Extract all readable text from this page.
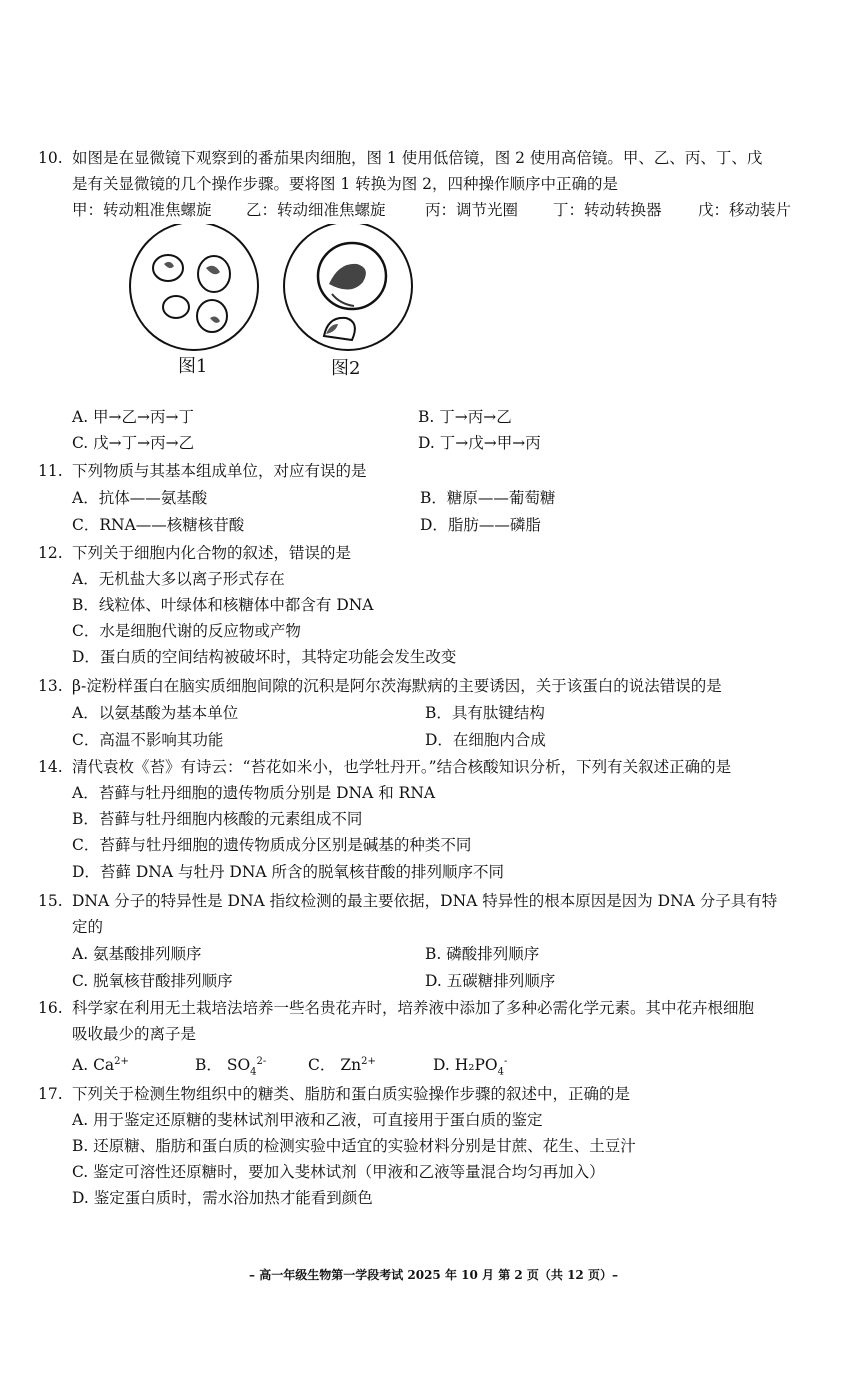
10. 如图是在显微镜下观察到的番茄果肉细胞，图 1 使用低倍镜，图 2 使用高倍镜。甲、乙、丙、丁、戊
是有关显微镜的几个操作步骤。要将图 1 转换为图 2，四种操作顺序中正确的是
甲：转动粗准焦螺旋 乙：转动细准焦螺旋	丙：调节光圈 丁：转动转换器 戊：移动装片
图1	图2
A. 甲→乙→丙→丁	B. 丁→丙→乙
C. 戊→丁→丙→乙	D. 丁→戊→甲→丙
11. 下列物质与其基本组成单位，对应有误的是
A．抗体——氨基酸	B．糖原——葡萄糖
C．RNA——核糖核苷酸	D．脂肪——磷脂
12. 下列关于细胞内化合物的叙述，错误的是
A．无机盐大多以离子形式存在
B．线粒体、叶绿体和核糖体中都含有 DNA
C．水是细胞代谢的反应物或产物
D．蛋白质的空间结构被破坏时，其特定功能会发生改变
13. β-淀粉样蛋白在脑实质细胞间隙的沉积是阿尔茨海默病的主要诱因，关于该蛋白的说法错误的是
A．以氨基酸为基本单位	B．具有肽键结构
C．高温不影响其功能	D．在细胞内合成
14. 清代袁枚《苔》有诗云：“苔花如米小，也学牡丹开。”结合核酸知识分析，下列有关叙述正确的是
A．苔藓与牡丹细胞的遗传物质分别是 DNA 和 RNA
B．苔藓与牡丹细胞内核酸的元素组成不同
C．苔藓与牡丹细胞的遗传物质成分区别是碱基的种类不同
D．苔藓 DNA 与牡丹 DNA 所含的脱氧核苷酸的排列顺序不同
15. DNA 分子的特异性是 DNA 指纹检测的最主要依据，DNA 特异性的根本原因是因为 DNA 分子具有特
定的
A. 氨基酸排列顺序	B. 磷酸排列顺序
C. 脱氧核苷酸排列顺序	D. 五碳糖排列顺序
16. 科学家在利用无土栽培法培养一些名贵花卉时，培养液中添加了多种必需化学元素。其中花卉根细胞
吸收最少的离子是
A. $Ca^{2+}$	B． $SO_4^{2-}$	C． $Zn^{2+}$	D. $H_2PO_4^-$
17. 下列关于检测生物组织中的糖类、脂肪和蛋白质实验操作步骤的叙述中，正确的是
A. 用于鉴定还原糖的斐林试剂甲液和乙液，可直接用于蛋白质的鉴定
B. 还原糖、脂肪和蛋白质的检测实验中适宜的实验材料分别是甘蔗、花生、土豆汁
C. 鉴定可溶性还原糖时，要加入斐林试剂（甲液和乙液等量混合均匀再加入）
D. 鉴定蛋白质时，需水浴加热才能看到颜色
– 高一年级生物第一学段考试 2025 年 10 月 第 2 页（共 12 页）–
